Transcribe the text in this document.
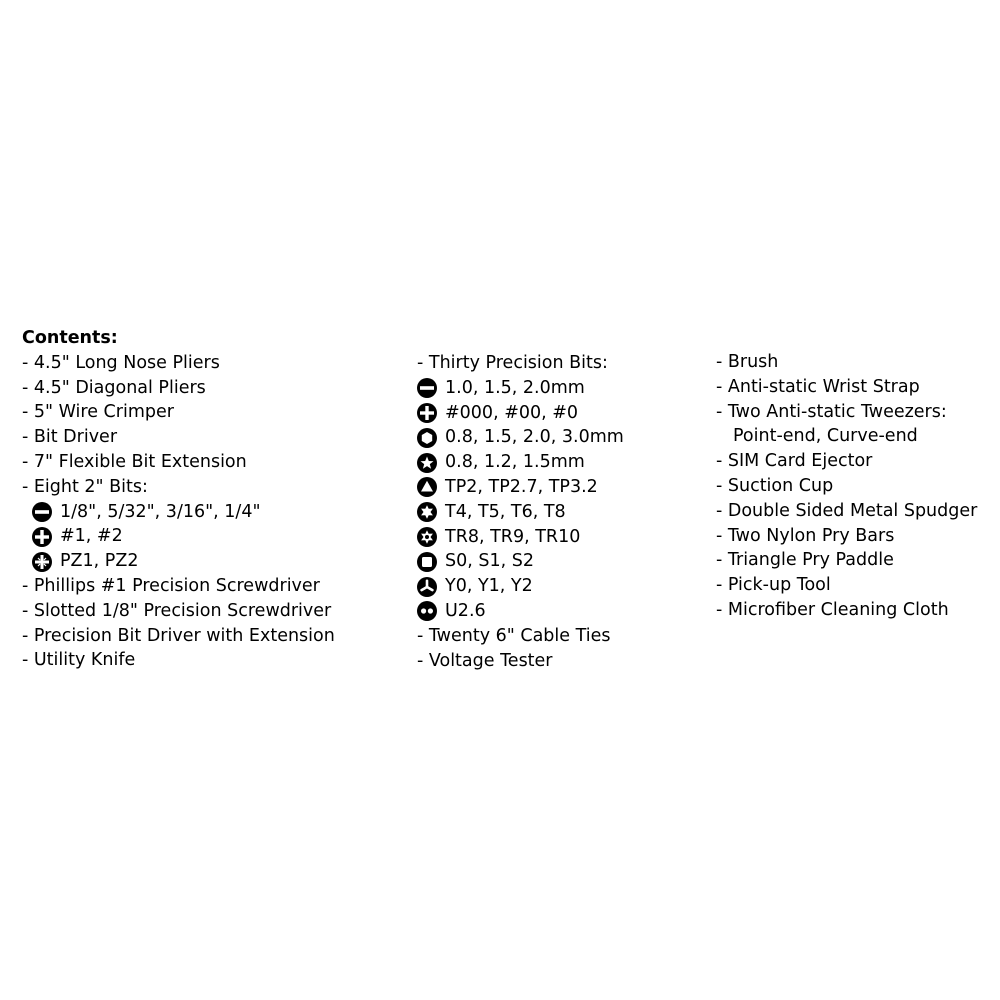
Contents:
- 4.5" Long Nose Pliers
- 4.5" Diagonal Pliers
- 5" Wire Crimper
- Bit Driver
- 7" Flexible Bit Extension
- Eight 2" Bits:
1/8", 5/32", 3/16", 1/4"
#1, #2
PZ1, PZ2
- Phillips #1 Precision Screwdriver
- Slotted 1/8" Precision Screwdriver
- Precision Bit Driver with Extension
- Utility Knife
- Thirty Precision Bits:
1.0, 1.5, 2.0mm
#000, #00, #0
0.8, 1.5, 2.0, 3.0mm
0.8, 1.2, 1.5mm
TP2, TP2.7, TP3.2
T4, T5, T6, T8
TR8, TR9, TR10
S0, S1, S2
Y0, Y1, Y2
U2.6
- Twenty 6" Cable Ties
- Voltage Tester
- Brush
- Anti-static Wrist Strap
- Two Anti-static Tweezers:
Point-end, Curve-end
- SIM Card Ejector
- Suction Cup
- Double Sided Metal Spudger
- Two Nylon Pry Bars
- Triangle Pry Paddle
- Pick-up Tool
- Microfiber Cleaning Cloth
